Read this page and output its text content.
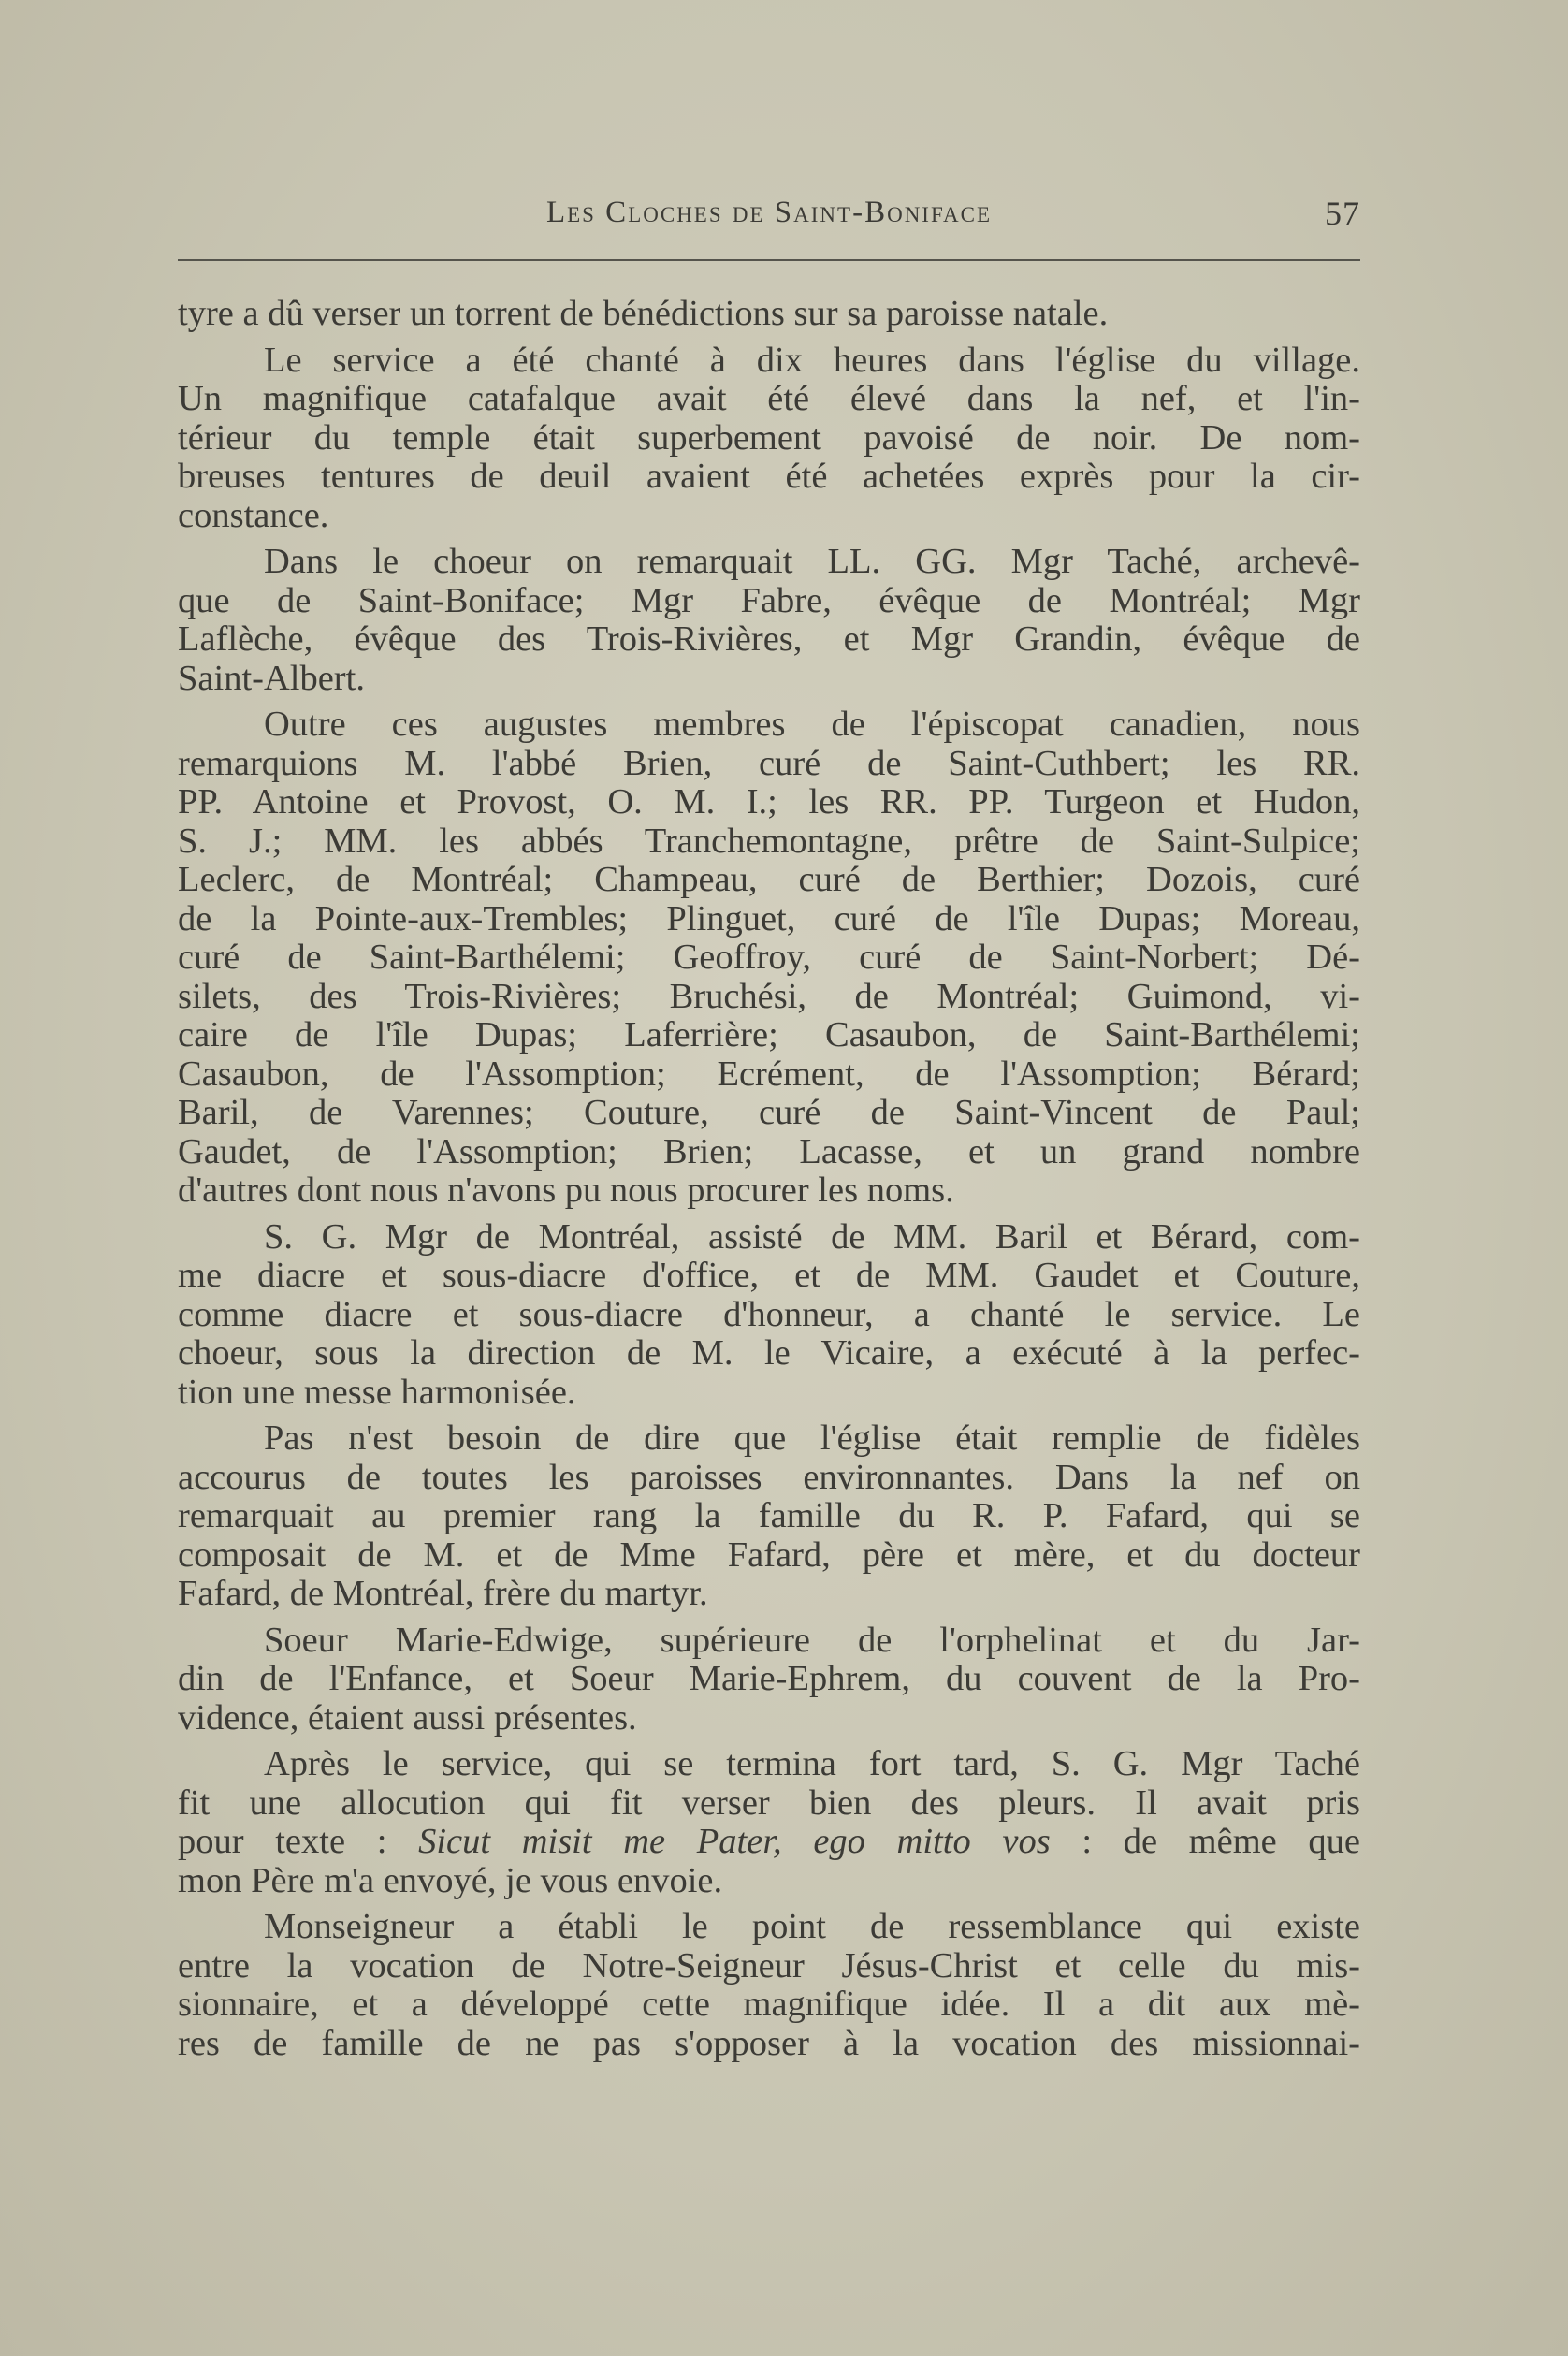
Les Cloches de Saint-Boniface	57
tyre a dû verser un torrent de bénédictions sur sa paroisse natale.
Le service a été chanté à dix heures dans l'église du village.
Un magnifique catafalque avait été élevé dans la nef, et l'in-
térieur du temple était superbement pavoisé de noir. De nom-
breuses tentures de deuil avaient été achetées exprès pour la cir-
constance.
Dans le choeur on remarquait LL. GG. Mgr Taché, archevê-
que de Saint-Boniface; Mgr Fabre, évêque de Montréal; Mgr
Laflèche, évêque des Trois-Rivières, et Mgr Grandin, évêque de
Saint-Albert.
Outre ces augustes membres de l'épiscopat canadien, nous
remarquions M. l'abbé Brien, curé de Saint-Cuthbert; les RR.
PP. Antoine et Provost, O. M. I.; les RR. PP. Turgeon et Hudon,
S. J.; MM. les abbés Tranchemontagne, prêtre de Saint-Sulpice;
Leclerc, de Montréal; Champeau, curé de Berthier; Dozois, curé
de la Pointe-aux-Trembles; Plinguet, curé de l'île Dupas; Moreau,
curé de Saint-Barthélemi; Geoffroy, curé de Saint-Norbert; Dé-
silets, des Trois-Rivières; Bruchési, de Montréal; Guimond, vi-
caire de l'île Dupas; Laferrière; Casaubon, de Saint-Barthélemi;
Casaubon, de l'Assomption; Ecrément, de l'Assomption; Bérard;
Baril, de Varennes; Couture, curé de Saint-Vincent de Paul;
Gaudet, de l'Assomption; Brien; Lacasse, et un grand nombre
d'autres dont nous n'avons pu nous procurer les noms.
S. G. Mgr de Montréal, assisté de MM. Baril et Bérard, com-
me diacre et sous-diacre d'office, et de MM. Gaudet et Couture,
comme diacre et sous-diacre d'honneur, a chanté le service. Le
choeur, sous la direction de M. le Vicaire, a exécuté à la perfec-
tion une messe harmonisée.
Pas n'est besoin de dire que l'église était remplie de fidèles
accourus de toutes les paroisses environnantes. Dans la nef on
remarquait au premier rang la famille du R. P. Fafard, qui se
composait de M. et de Mme Fafard, père et mère, et du docteur
Fafard, de Montréal, frère du martyr.
Soeur Marie-Edwige, supérieure de l'orphelinat et du Jar-
din de l'Enfance, et Soeur Marie-Ephrem, du couvent de la Pro-
vidence, étaient aussi présentes.
Après le service, qui se termina fort tard, S. G. Mgr Taché
fit une allocution qui fit verser bien des pleurs. Il avait pris
pour texte : Sicut misit me Pater, ego mitto vos : de même que
mon Père m'a envoyé, je vous envoie.
Monseigneur a établi le point de ressemblance qui existe
entre la vocation de Notre-Seigneur Jésus-Christ et celle du mis-
sionnaire, et a développé cette magnifique idée. Il a dit aux mè-
res de famille de ne pas s'opposer à la vocation des missionnai-
